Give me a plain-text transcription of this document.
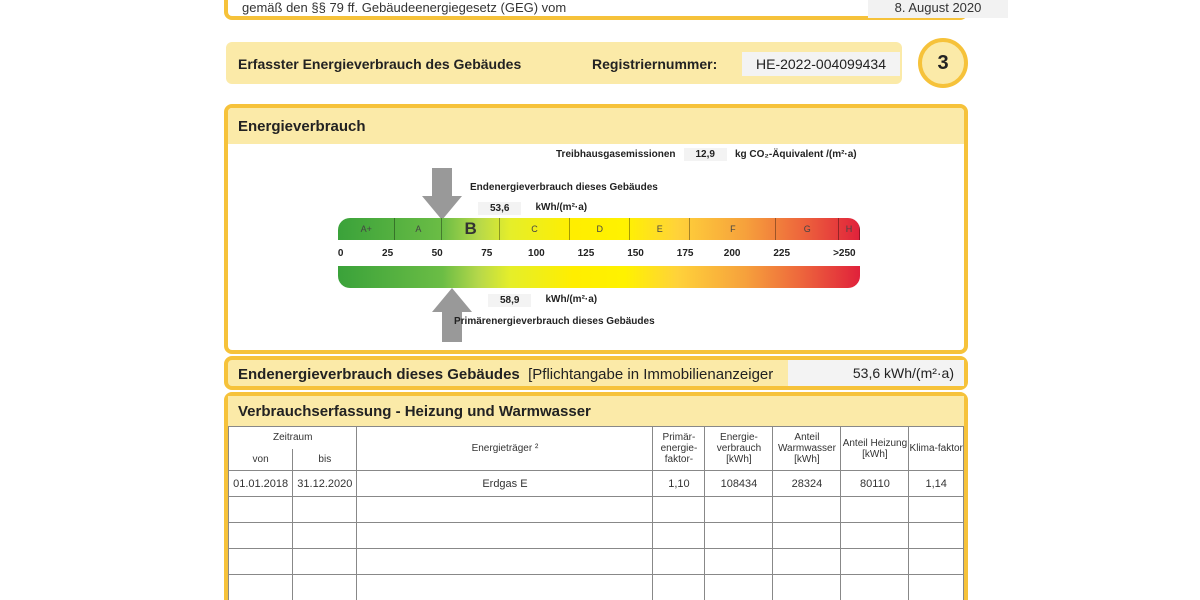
gemäß den §§ 79 ff. Gebäudeenergiegesetz (GEG) vom	8. August 2020
Erfasster Energieverbrauch des Gebäudes	Registriernummer:	HE-2022-004099434	3
Energieverbrauch
Treibhausgasemissionen	12,9	kg CO₂-Äquivalent /(m²·a)
Endenergieverbrauch dieses Gebäudes
53,6	kWh/(m²·a)
A+	A	B	C	D	E	F	G	H
0	25	50	75	100	125	150	175	200	225	>250
58,9	kWh/(m²·a)
Primärenergieverbrauch dieses Gebäudes
Endenergieverbrauch dieses Gebäudes [Pflichtangabe in Immobilienanzeiger	53,6 kWh/(m²·a)
Verbrauchserfassung - Heizung und Warmwasser
Zeitraum		Energieträger ²	Primär-energie-faktor-	Energie-verbrauch [kWh]	Anteil Warmwasser [kWh]	Anteil Heizung [kWh]	Klima-faktor
von	bis						
01.01.2018	31.12.2020	Erdgas E	1,10	108434	28324	80110	1,14
